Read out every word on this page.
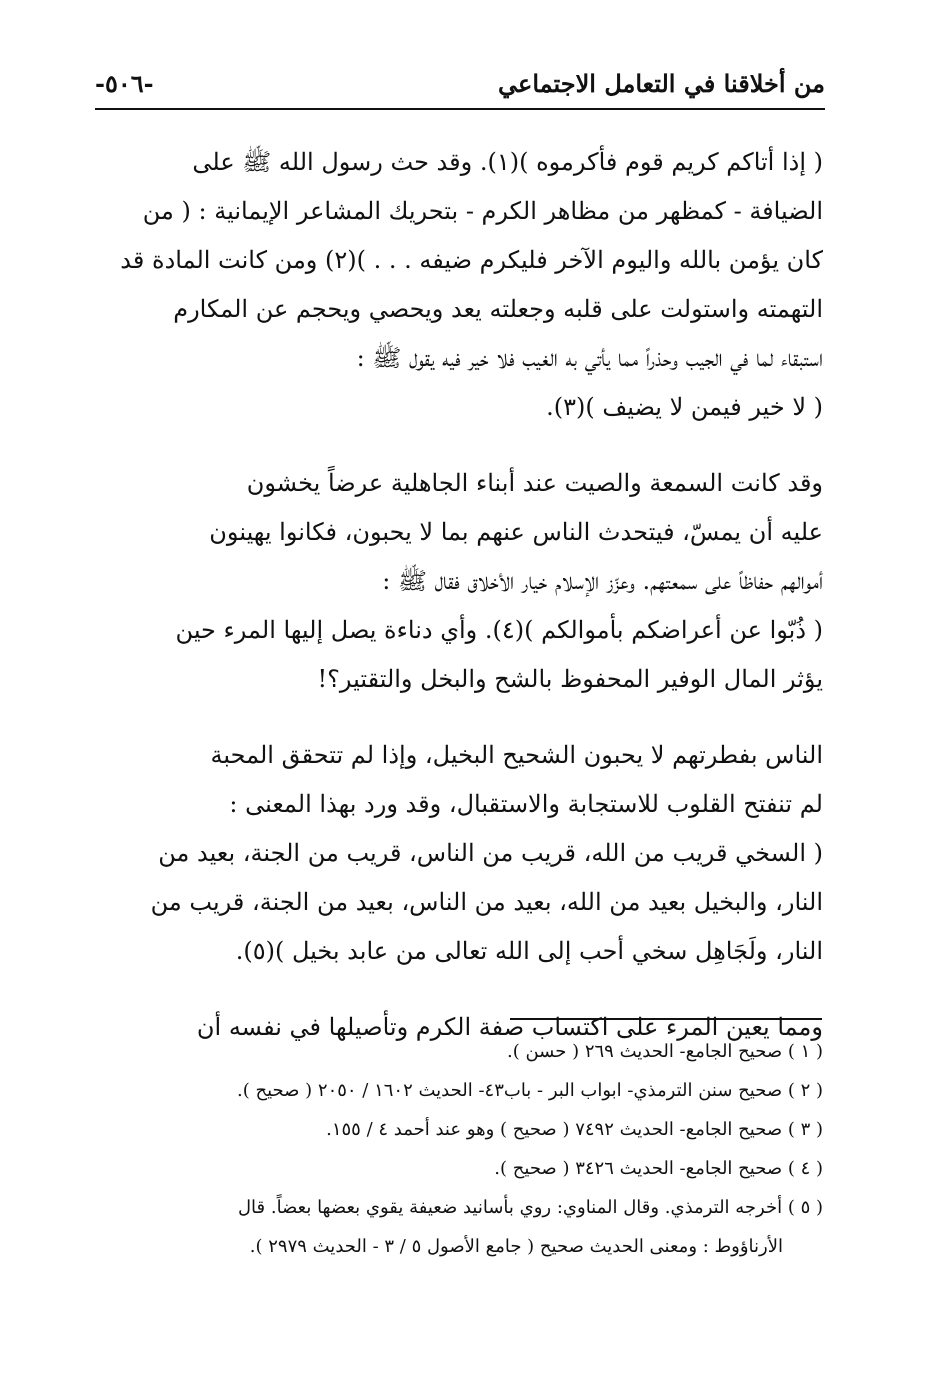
من أخلاقنا في التعامل الاجتماعي
-٥٠٦-
( إذا أتاكم كريم قوم فأكرموه )(١). وقد حث رسول الله ﷺ على
الضيافة - كمظهر من مظاهر الكرم - بتحريك المشاعر الإيمانية : ( من
كان يؤمن بالله واليوم الآخر فليكرم ضيفه . . . )(٢) ومن كانت المادة قد
التهمته واستولت على قلبه وجعلته يعد ويحصي ويحجم عن المكارم
استبقاء لما في الجيب وحذراً مما يأتي به الغيب فلا خير فيه يقول ﷺ :
( لا خير فيمن لا يضيف )(٣).
وقد كانت السمعة والصيت عند أبناء الجاهلية عرضاً يخشون
عليه أن يمسّ، فيتحدث الناس عنهم بما لا يحبون، فكانوا يهينون
أموالهم حفاظاً على سمعتهم. وعزّز الإسلام خيار الأخلاق فقال ﷺ :
( ذُبّوا عن أعراضكم بأموالكم )(٤). وأي دناءة يصل إليها المرء حين
يؤثر المال الوفير المحفوظ بالشح والبخل والتقتير؟!
الناس بفطرتهم لا يحبون الشحيح البخيل، وإذا لم تتحقق المحبة
لم تنفتح القلوب للاستجابة والاستقبال، وقد ورد بهذا المعنى :
( السخي قريب من الله، قريب من الناس، قريب من الجنة، بعيد من
النار، والبخيل بعيد من الله، بعيد من الناس، بعيد من الجنة، قريب من
النار، ولَجَاهِل سخي أحب إلى الله تعالى من عابد بخيل )(٥).
ومما يعين المرء على اكتساب صفة الكرم وتأصيلها في نفسه أن
( ١ ) صحيح الجامع- الحديث ٢٦٩ ( حسن ).
( ٢ ) صحيح سنن الترمذي- ابواب البر - باب٤٣- الحديث ١٦٠٢ / ٢٠٥٠ ( صحيح ).
( ٣ ) صحيح الجامع- الحديث ٧٤٩٢ ( صحيح ) وهو عند أحمد ٤ / ١٥٥.
( ٤ ) صحيح الجامع- الحديث ٣٤٢٦ ( صحيح ).
( ٥ ) أخرجه الترمذي. وقال المناوي: روي بأسانيد ضعيفة يقوي بعضها بعضاً. قال
الأرناؤوط : ومعنى الحديث صحيح ( جامع الأصول ٥ / ٣ - الحديث ٢٩٧٩ ).
